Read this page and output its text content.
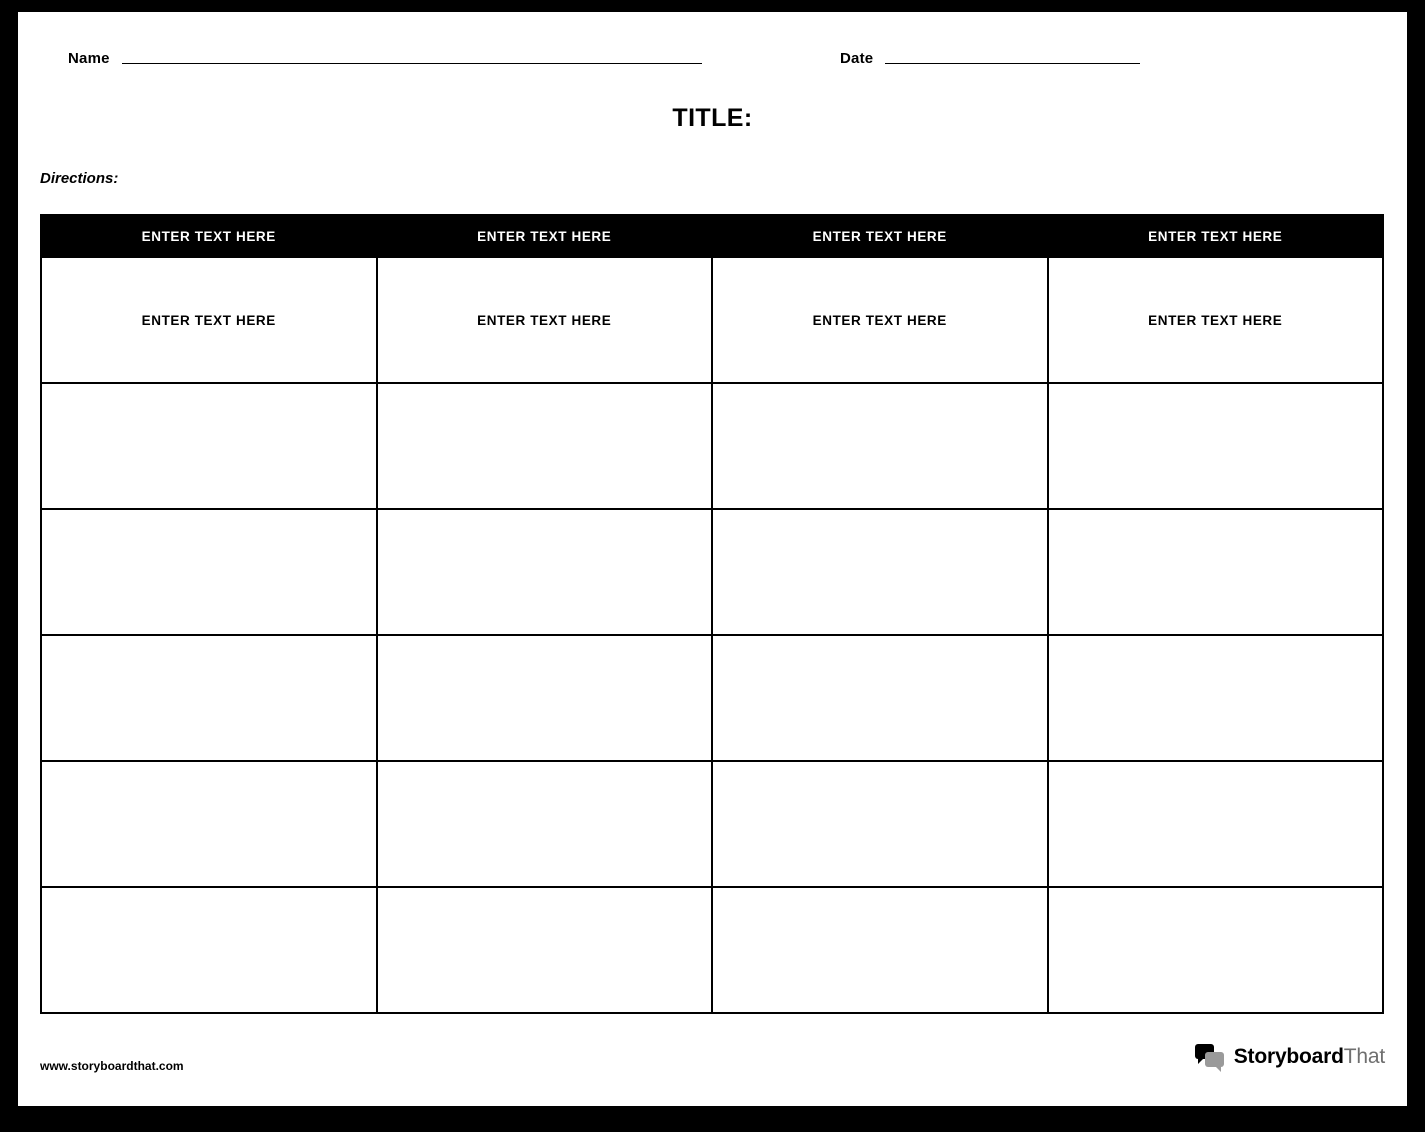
Name	Date
TITLE:
Directions:
ENTER TEXT HERE	ENTER TEXT HERE	ENTER TEXT HERE	ENTER TEXT HERE
ENTER TEXT HERE	ENTER TEXT HERE	ENTER TEXT HERE	ENTER TEXT HERE

www.storyboardthat.com	StoryboardThat
